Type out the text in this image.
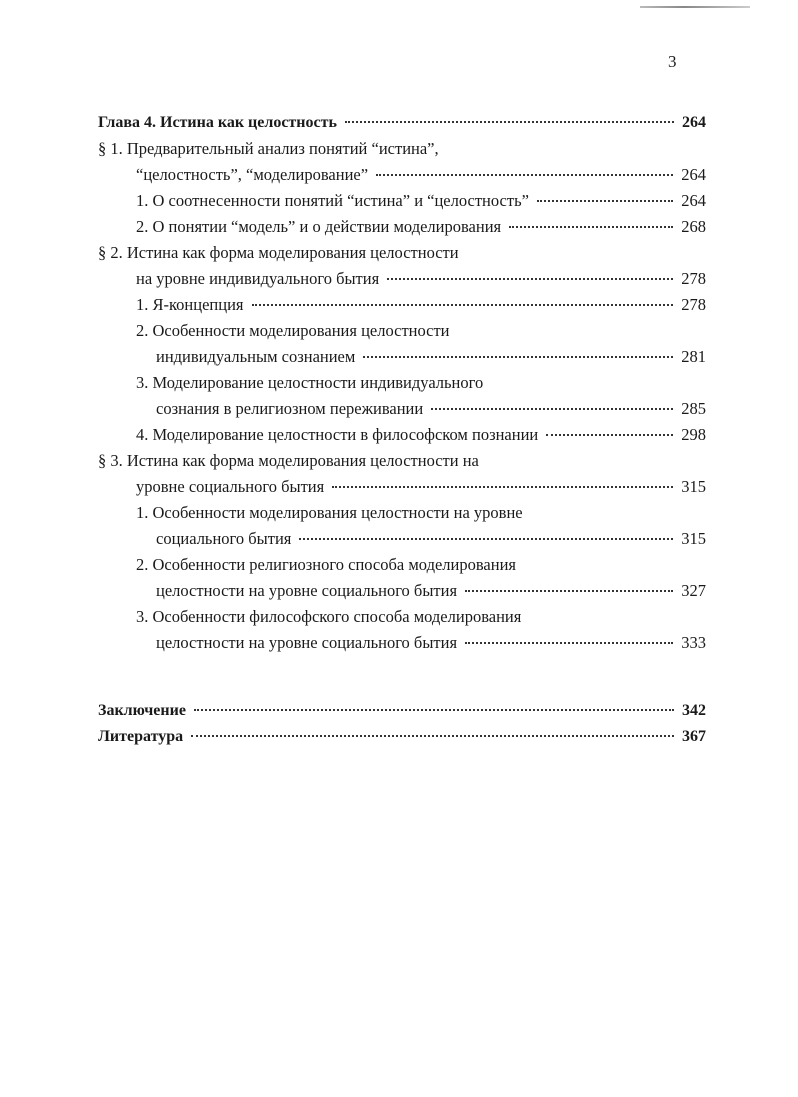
3
Глава 4. Истина как целостность	264
§ 1. Предварительный анализ понятий “истина”,
“целостность”, “моделирование”	264
1. О соотнесенности понятий “истина” и “целостность”	264
2. О понятии “модель” и о действии моделирования	268
§ 2. Истина как форма моделирования целостности
на уровне индивидуального бытия	278
1. Я-концепция	278
2. Особенности моделирования целостности
индивидуальным сознанием	281
3. Моделирование целостности индивидуального
сознания в религиозном переживании	285
4. Моделирование целостности в философском познании	298
§ 3. Истина как форма моделирования целостности на
уровне социального бытия	315
1. Особенности моделирования целостности на уровне
социального бытия	315
2. Особенности религиозного способа моделирования
целостности на уровне социального бытия	327
3. Особенности философского способа моделирования
целостности на уровне социального бытия	333
Заключение	342
Литература	367
